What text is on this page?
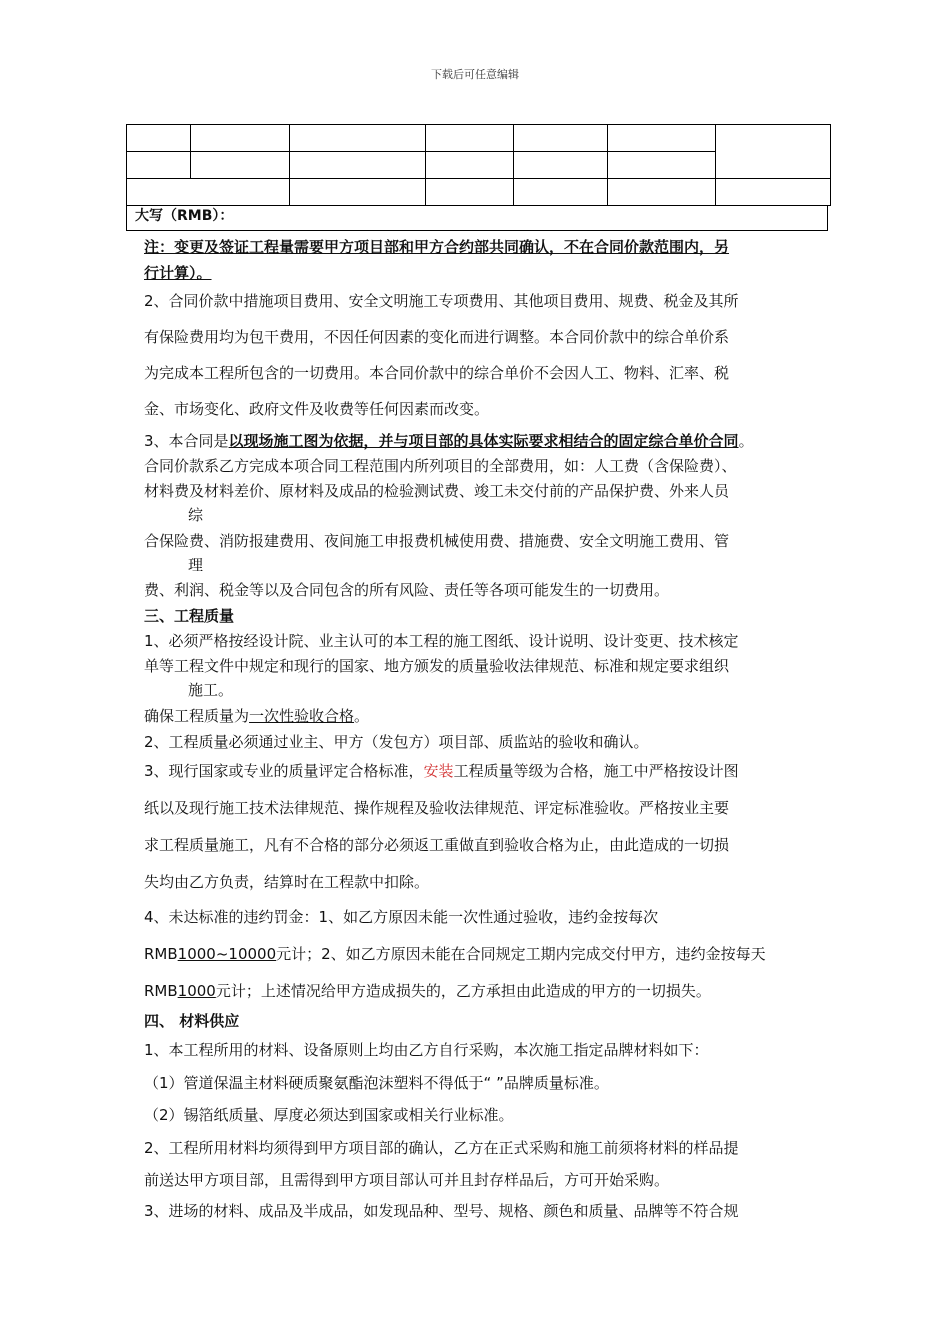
下载后可任意编辑

大写（RMB）：
注：变更及签证工程量需要甲方项目部和甲方合约部共同确认，不在合同价款范围内，另
行计算）。
2、合同价款中措施项目费用、安全文明施工专项费用、其他项目费用、规费、税金及其所
有保险费用均为包干费用，不因任何因素的变化而进行调整。本合同价款中的综合单价系
为完成本工程所包含的一切费用。本合同价款中的综合单价不会因人工、物料、汇率、税
金、市场变化、政府文件及收费等任何因素而改变。
3、本合同是以现场施工图为依据，并与项目部的具体实际要求相结合的固定综合单价合同。
合同价款系乙方完成本项合同工程范围内所列项目的全部费用，如：人工费（含保险费）、
材料费及材料差价、原材料及成品的检验测试费、竣工未交付前的产品保护费、外来人员
综
合保险费、消防报建费用、夜间施工申报费机械使用费、措施费、安全文明施工费用、管
理
费、利润、税金等以及合同包含的所有风险、责任等各项可能发生的一切费用。
三、工程质量
1、必须严格按经设计院、业主认可的本工程的施工图纸、设计说明、设计变更、技术核定
单等工程文件中规定和现行的国家、地方颁发的质量验收法律规范、标准和规定要求组织
施工。
确保工程质量为一次性验收合格。
2、工程质量必须通过业主、甲方（发包方）项目部、质监站的验收和确认。
3、现行国家或专业的质量评定合格标准，安装工程质量等级为合格，施工中严格按设计图
纸以及现行施工技术法律规范、操作规程及验收法律规范、评定标准验收。严格按业主要
求工程质量施工，凡有不合格的部分必须返工重做直到验收合格为止，由此造成的一切损
失均由乙方负责，结算时在工程款中扣除。
4、未达标准的违约罚金：1、如乙方原因未能一次性通过验收，违约金按每次
RMB1000~10000元计；2、如乙方原因未能在合同规定工期内完成交付甲方，违约金按每天
RMB1000元计；上述情况给甲方造成损失的，乙方承担由此造成的甲方的一切损失。
四、 材料供应
1、本工程所用的材料、设备原则上均由乙方自行采购，本次施工指定品牌材料如下：
（1）管道保温主材料硬质聚氨酯泡沫塑料不得低于“ ”品牌质量标准。
（2）锡箔纸质量、厚度必须达到国家或相关行业标准。
2、工程所用材料均须得到甲方项目部的确认，乙方在正式采购和施工前须将材料的样品提
前送达甲方项目部，且需得到甲方项目部认可并且封存样品后，方可开始采购。
3、进场的材料、成品及半成品，如发现品种、型号、规格、颜色和质量、品牌等不符合规
